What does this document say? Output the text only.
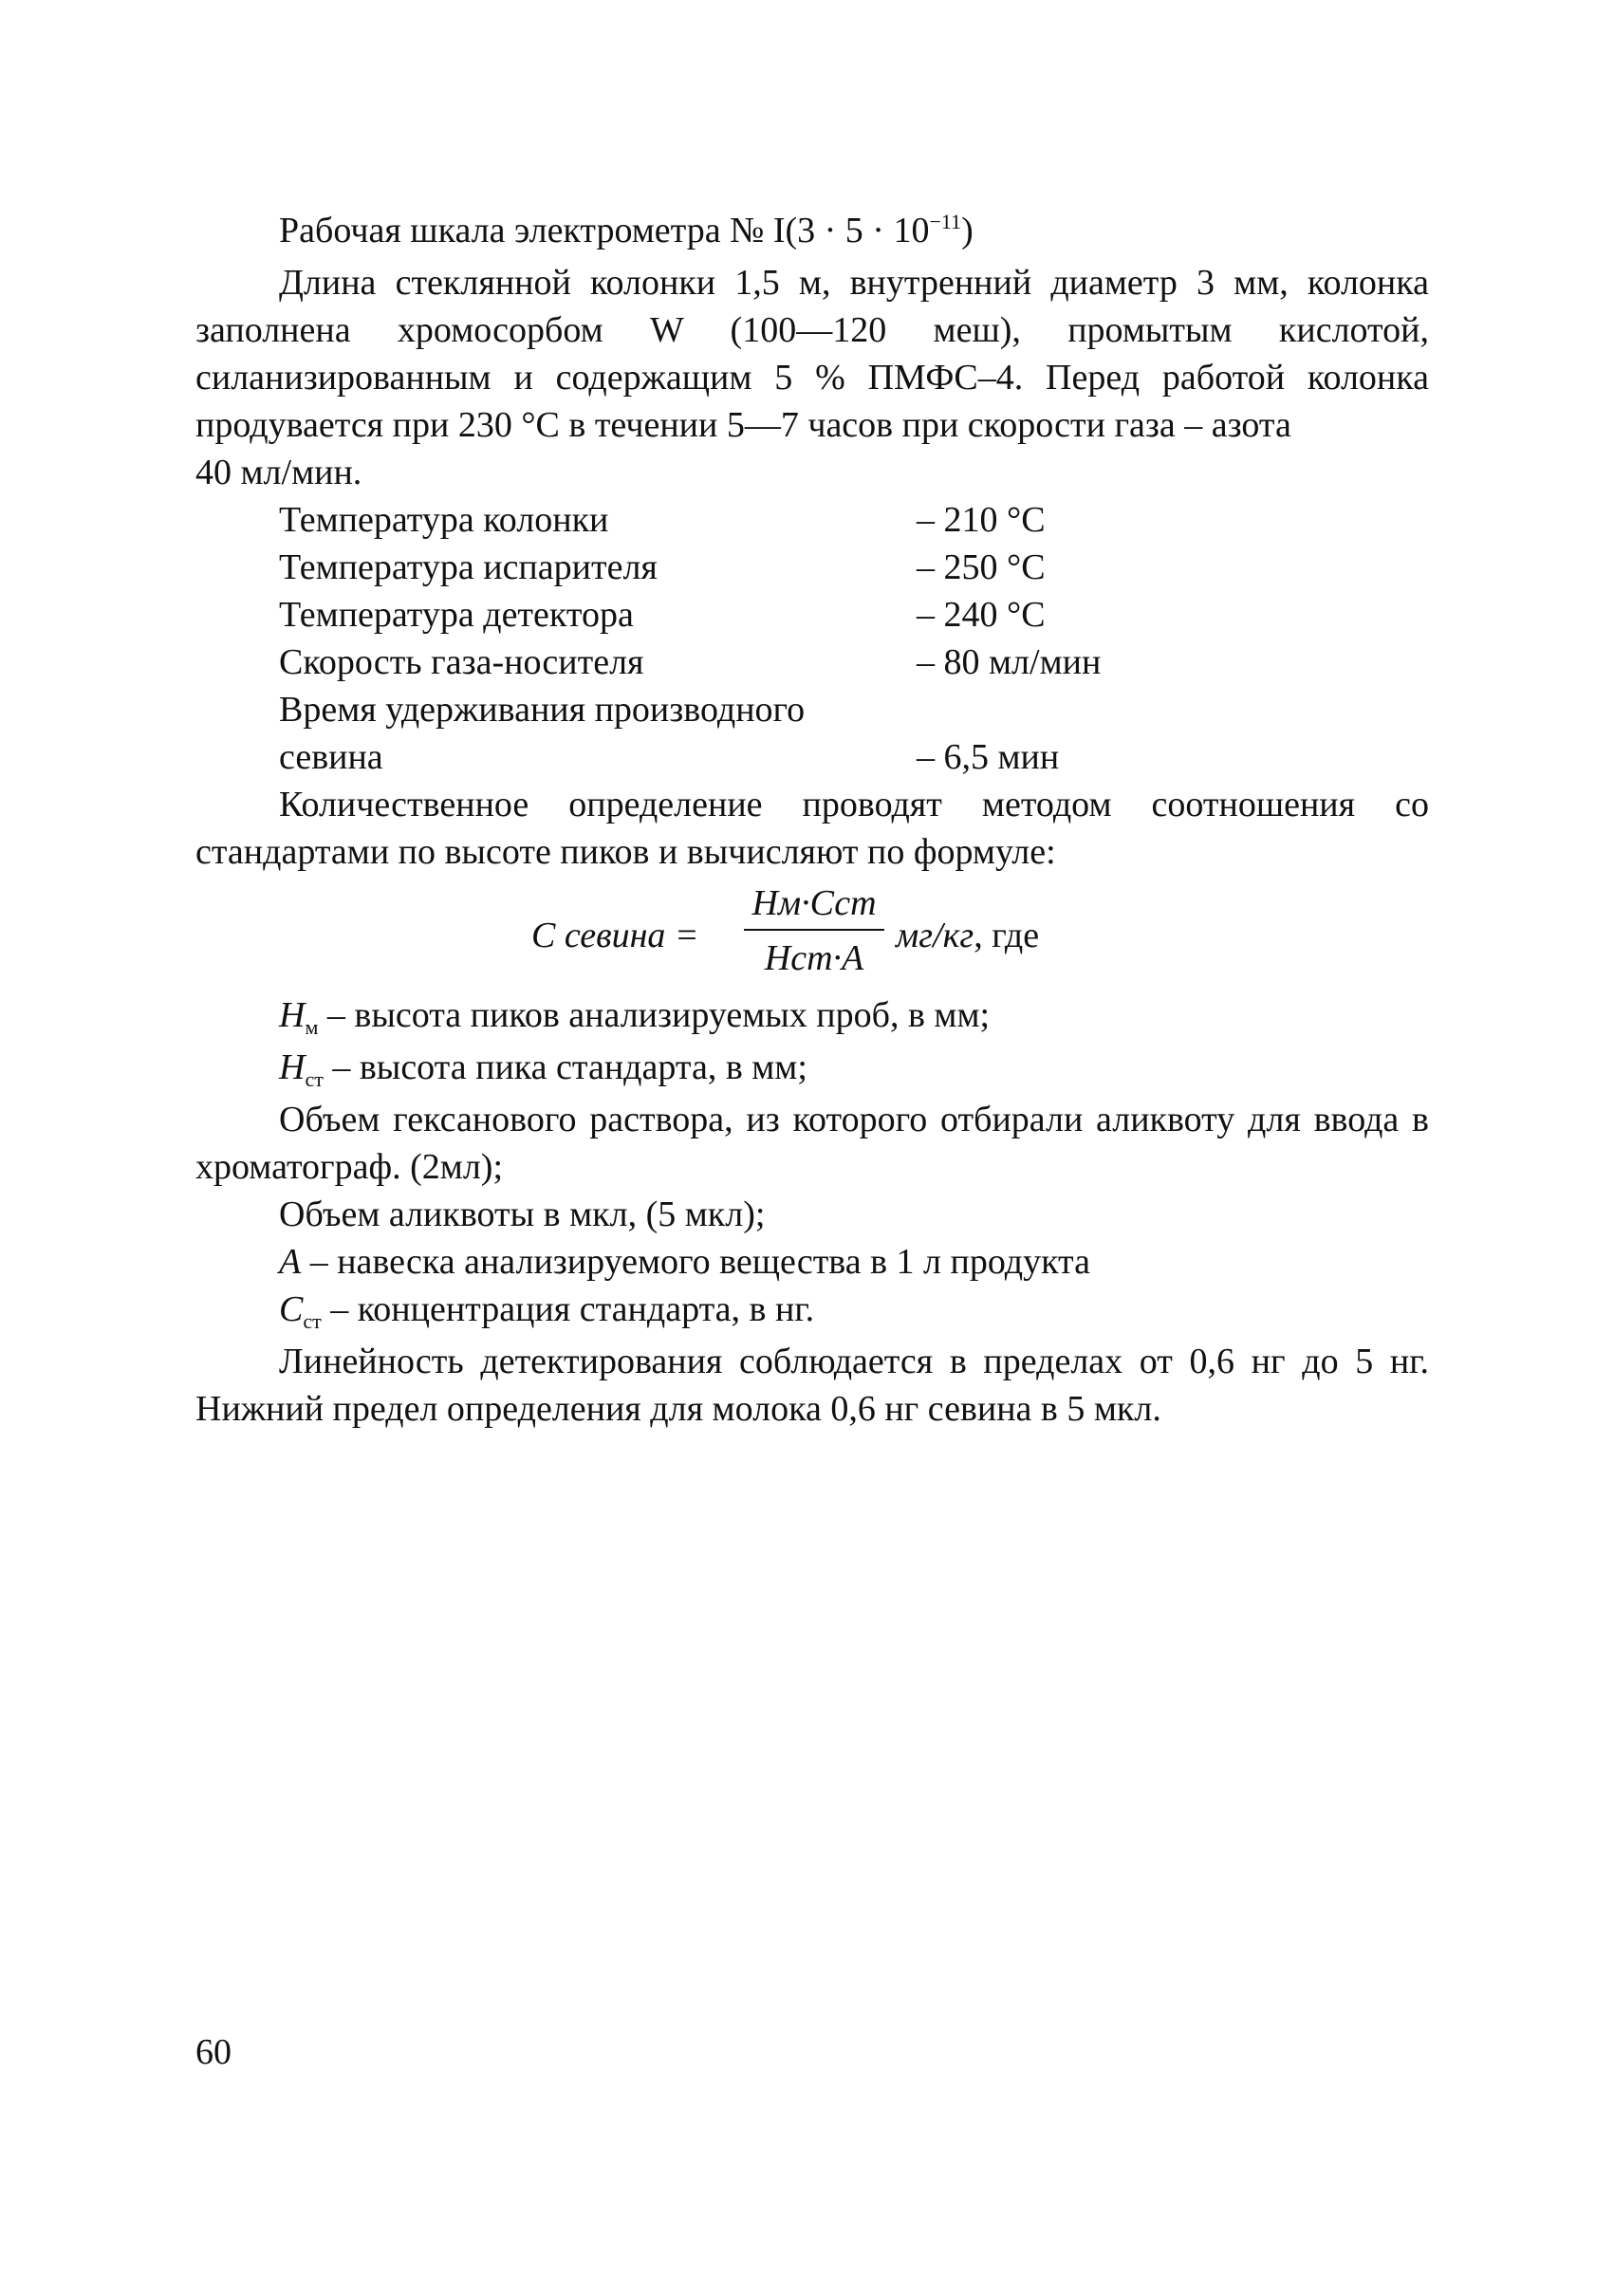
Рабочая шкала электрометра № $I(3 \cdot 5 \cdot 10^{-11})$

Длина стеклянной колонки 1,5 м, внутренний диаметр 3 мм, колонка заполнена хромосорбом W (100—120 меш), промытым кислотой, силанизированным и содержащим 5 % ПМФС–4. Перед работой колонка продувается при 230 °С в течении 5—7 часов при скорости газа – азота

40 мл/мин.

Температура колонки	– 210 °С
Температура испарителя	– 250 °С
Температура детектора	– 240 °С
Скорость газа-носителя	– 80 мл/мин
Время удерживания производного
севина	– 6,5 мин

Количественное определение проводят методом соотношения со стандартами по высоте пиков и вычисляют по формуле:

С севина =
Нм·Сст
Нст·А
мг/кг, где

$Н_м$ – высота пиков анализируемых проб, в мм;

$Н_{ст}$ – высота пика стандарта, в мм;

Объем гексанового раствора, из которого отбирали аликвоту для ввода в хроматограф. (2мл);

Объем аликвоты в мкл, (5 мкл);

А – навеска анализируемого вещества в 1 л продукта

$С_{ст}$ – концентрация стандарта, в нг.

Линейность детектирования соблюдается в пределах от 0,6 нг до 5 нг. Нижний предел определения для молока 0,6 нг севина в 5 мкл.

60
